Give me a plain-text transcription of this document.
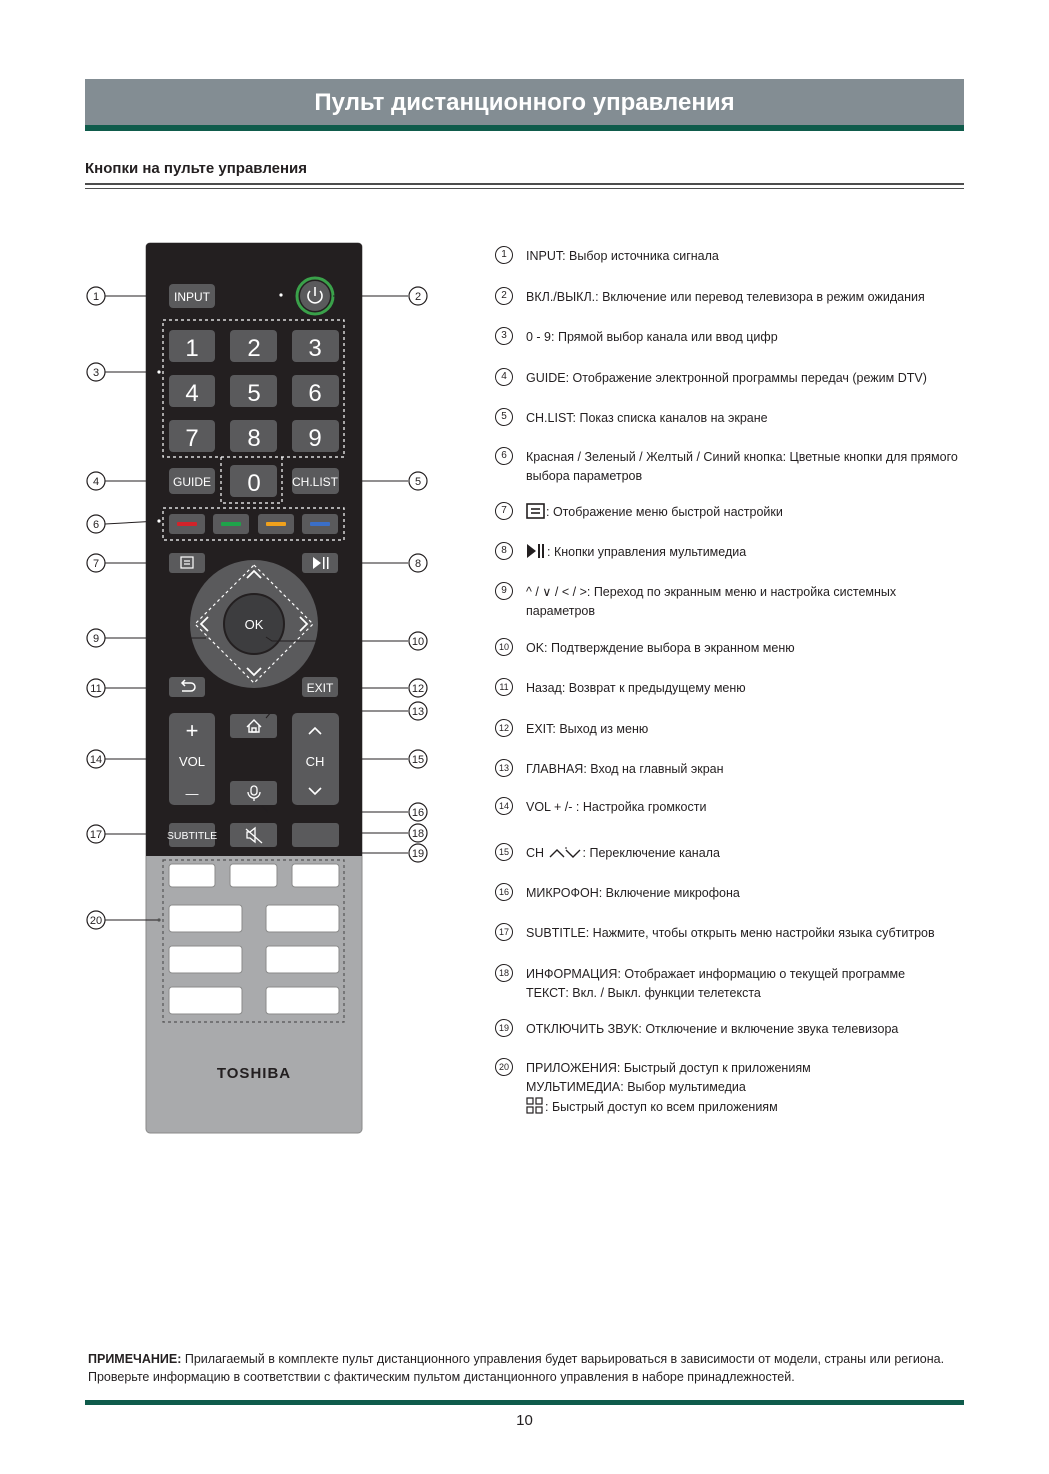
Пульт дистанционного управления
Кнопки на пульте управления
INPUT
1 2 3
4 5 6
7 8 9
0
GUIDE	CH.LIST
OK
EXIT
+
VOL
—
CH
SUBTITLE
TOSHIBA
1
3
4
6
7
9
11
14
17
20
2
5
8
10
12
13
15
16
18
19
1	INPUT: Выбор источника сигнала
2	ВКЛ./ВЫКЛ.: Включение или перевод телевизора в режим ожидания
3	0 - 9: Прямой выбор канала или ввод цифр
4	GUIDE: Отображение электронной программы передач (режим DTV)
5	CH.LIST: Показ списка каналов на экране
6	Красная / Зеленый / Желтый / Синий кнопка: Цветные кнопки для прямого выбора параметров
7	: Отображение меню быстрой настройки
8	: Кнопки управления мультимедиа
9	^ / ∨ / < / >: Переход по экранным меню и настройка системных параметров
10	OK: Подтверждение выбора в экранном меню
11	Назад: Возврат к предыдущему меню
12	EXIT: Выход из меню
13	ГЛАВНАЯ: Вход на главный экран
14	VOL + /- : Настройка громкости
15	CH	: Переключение канала
16	МИКРОФОН: Включение микрофона
17	SUBTITLE: Нажмите, чтобы открыть меню настройки языка субтитров
18	ИНФОРМАЦИЯ: Отображает информацию о текущей программе
ТЕКСТ: Вкл. / Выкл. функции телетекста
19	ОТКЛЮЧИТЬ ЗВУК: Отключение и включение звука телевизора
20	ПРИЛОЖЕНИЯ: Быстрый доступ к приложениям
МУЛЬТИМЕДИА: Выбор мультимедиа
: Быстрый доступ ко всем приложениям
ПРИМЕЧАНИЕ: Прилагаемый в комплекте пульт дистанционного управления будет варьироваться в зависимости от модели, страны или региона. Проверьте информацию в соответствии с фактическим пультом дистанционного управления в наборе принадлежностей.
10
